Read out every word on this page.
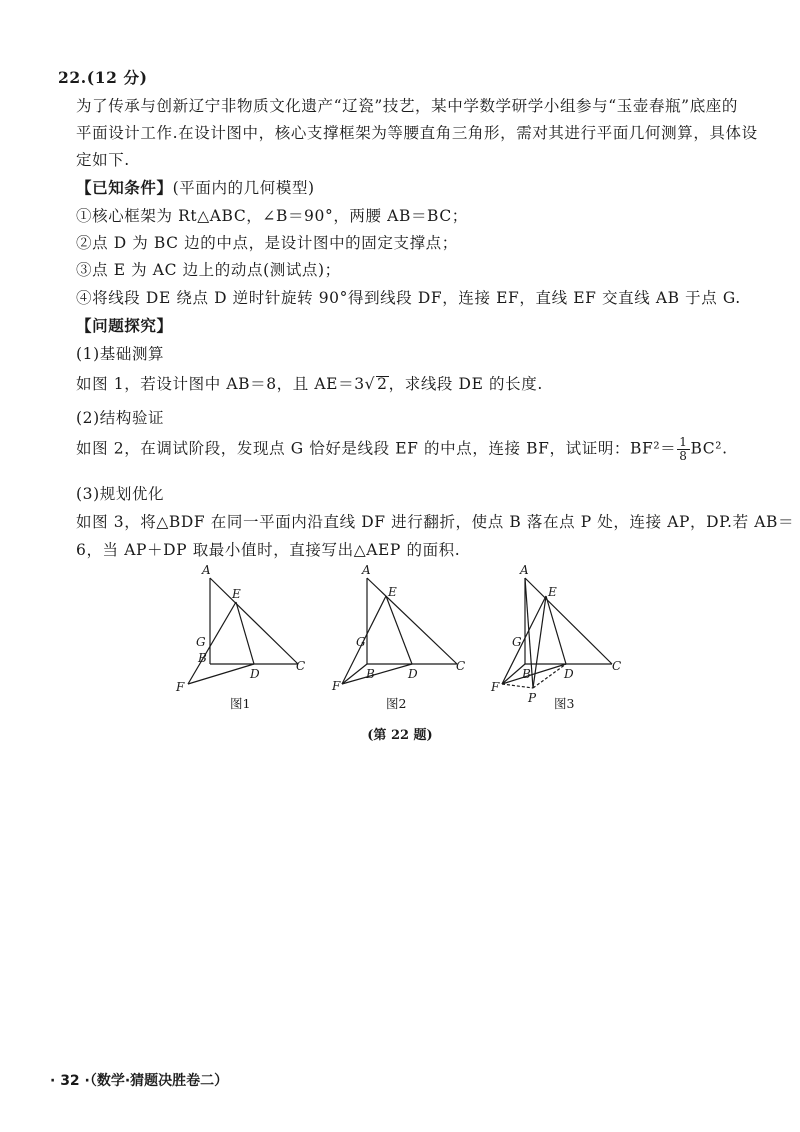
22.(12 分)
为了传承与创新辽宁非物质文化遗产“辽瓷”技艺，某中学数学研学小组参与“玉壶春瓶”底座的
平面设计工作.在设计图中，核心支撑框架为等腰直角三角形，需对其进行平面几何测算，具体设
定如下.
【已知条件】(平面内的几何模型)
①核心框架为 Rt△ABC，∠B＝90°，两腰 AB＝BC；
②点 D 为 BC 边的中点，是设计图中的固定支撑点；
③点 E 为 AC 边上的动点(测试点)；
④将线段 DE 绕点 D 逆时针旋转 90°得到线段 DF，连接 EF，直线 EF 交直线 AB 于点 G.
【问题探究】
(1)基础测算
如图 1，若设计图中 AB＝8，且 AE＝3√ 2，求线段 DE 的长度.
(2)结构验证
如图 2，在调试阶段，发现点 G 恰好是线段 EF 的中点，连接 BF，试证明：$BF^2= \frac{1}{8} BC^2$.
(3)规划优化
如图 3，将△BDF 在同一平面内沿直线 DF 进行翻折，使点 B 落在点 P 处，连接 AP，DP.若 AB＝
6，当 AP＋DP 取最小值时，直接写出△AEP 的面积.
A
E
G
B
D
C
F
图1
A
E
G
B	D
C
F
图2
A
E
G
B	D
C
F
P 图3
(第 22 题)
· 32 ·（数学·猜题决胜卷二）
